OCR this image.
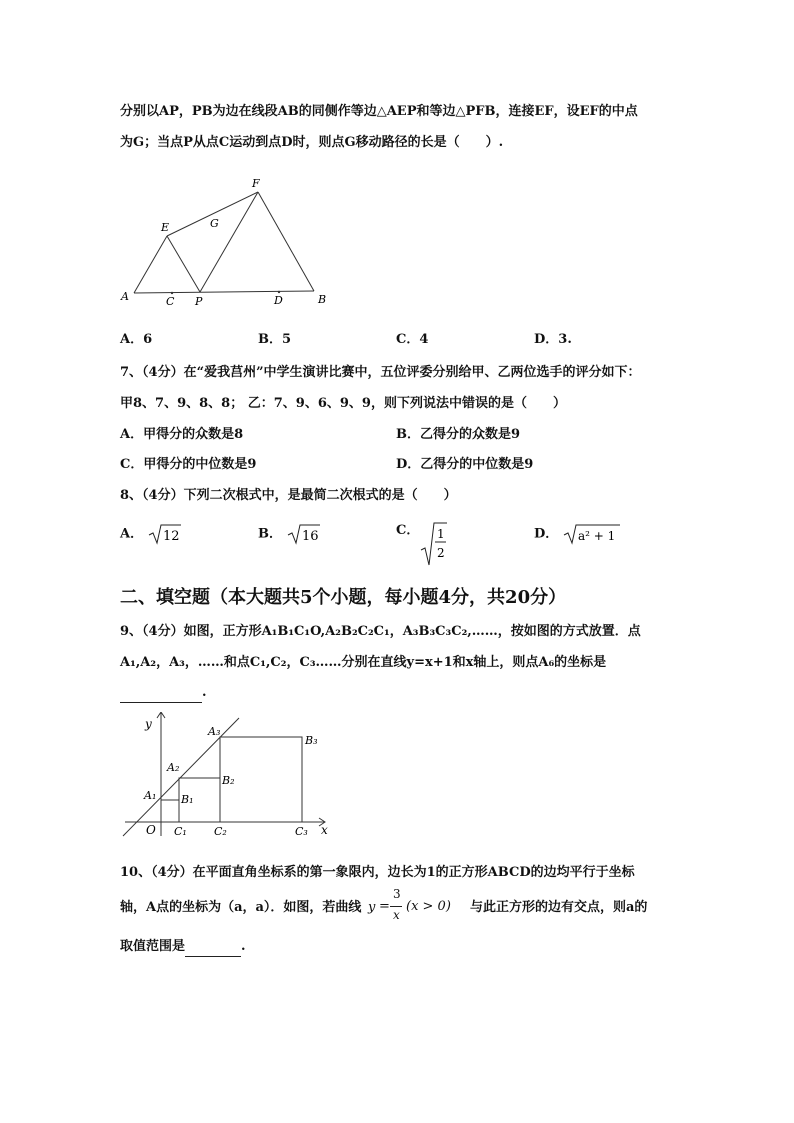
分别以AP，PB为边在线段AB的同侧作等边△AEP和等边△PFB，连接EF，设EF的中点
为G；当点P从点C运动到点D时，则点G移动路径的长是（　　）.
A	B
C	D
E
F
G
P
A．6	B．5	C．4	D．3.
7、（4分）在“爱我莒州”中学生演讲比赛中，五位评委分别给甲、乙两位选手的评分如下：
甲8、7、9、8、8； 乙：7、9、6、9、9，则下列说法中错误的是（　　）
A．甲得分的众数是8	B．乙得分的众数是9
C．甲得分的中位数是9	D．乙得分的中位数是9
8、（4分）下列二次根式中，是最简二次根式的是（　　）
A． 12	B． 16	C． 1
2
D． a² + 1
二、填空题（本大题共5个小题，每小题4分，共20分）
9、（4分）如图，正方形A₁B₁C₁O,A₂B₂C₂C₁，A₃B₃C₃C₂,……，按如图的方式放置．点
A₁,A₂，A₃，……和点C₁,C₂，C₃……分别在直线y=x+1和x轴上，则点A₆的坐标是
.
y
x
O
A₁
A₂
A₃
B₁
B₂
B₃
C₁ C₂	C₃
10、（4分）在平面直角坐标系的第一象限内，边长为1的正方形ABCD的边均平行于坐标
轴，A点的坐标为（a，a）．如图，若曲线 y =
3
x
(x > 0) 与此正方形的边有交点，则a的
取值范围是	.
